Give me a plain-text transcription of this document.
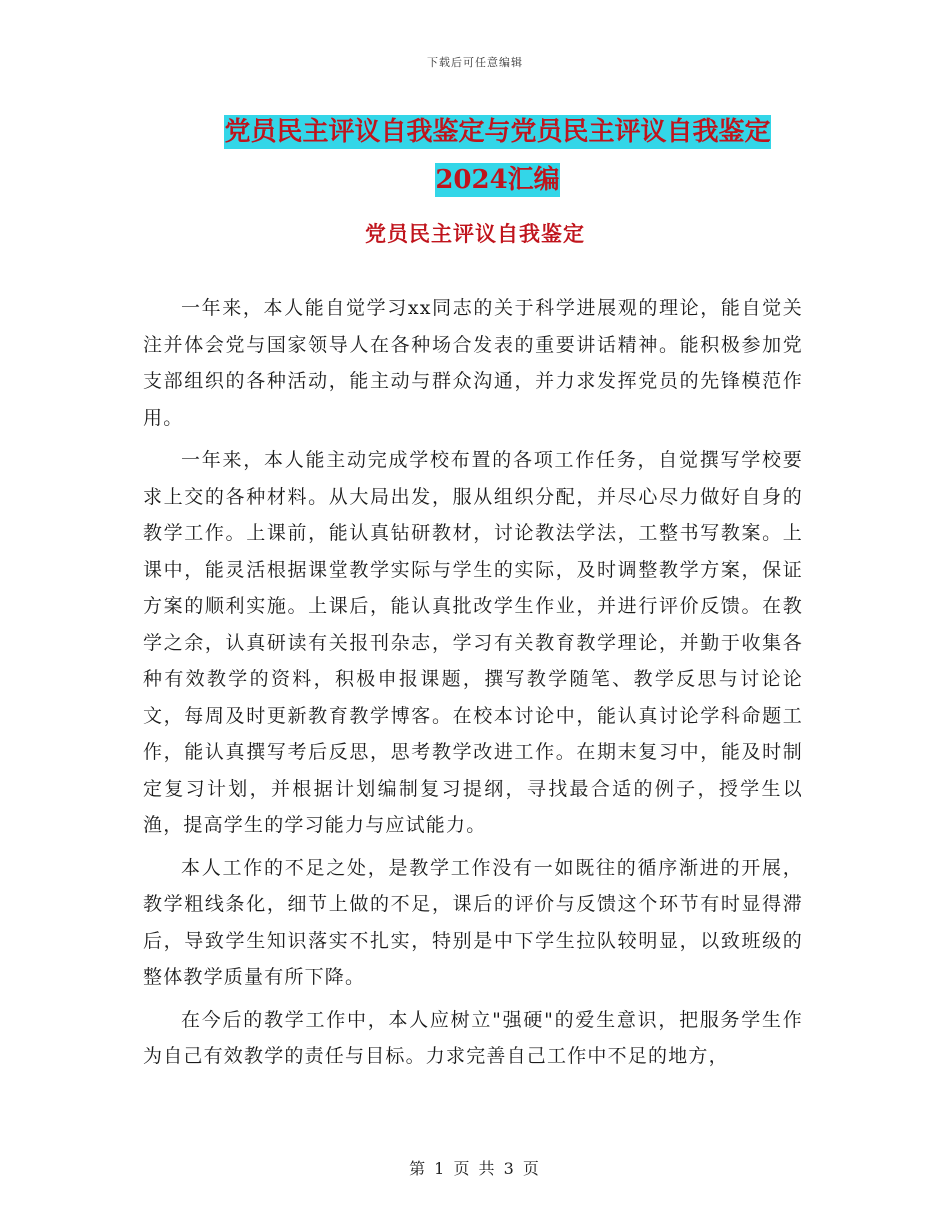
下载后可任意编辑
党员民主评议自我鉴定与党员民主评议自我鉴定2024汇编
党员民主评议自我鉴定

一年来，本人能自觉学习xx同志的关于科学进展观的理论，能自觉关注并体会党与国家领导人在各种场合发表的重要讲话精神。能积极参加党支部组织的各种活动，能主动与群众沟通，并力求发挥党员的先锋模范作用。

一年来，本人能主动完成学校布置的各项工作任务，自觉撰写学校要求上交的各种材料。从大局出发，服从组织分配，并尽心尽力做好自身的教学工作。上课前，能认真钻研教材，讨论教法学法，工整书写教案。上课中，能灵活根据课堂教学实际与学生的实际，及时调整教学方案，保证方案的顺利实施。上课后，能认真批改学生作业，并进行评价反馈。在教学之余，认真研读有关报刊杂志，学习有关教育教学理论，并勤于收集各种有效教学的资料，积极申报课题，撰写教学随笔、教学反思与讨论论文，每周及时更新教育教学博客。在校本讨论中，能认真讨论学科命题工作，能认真撰写考后反思，思考教学改进工作。在期末复习中，能及时制定复习计划，并根据计划编制复习提纲，寻找最合适的例子，授学生以渔，提高学生的学习能力与应试能力。

本人工作的不足之处，是教学工作没有一如既往的循序渐进的开展，教学粗线条化，细节上做的不足，课后的评价与反馈这个环节有时显得滞后，导致学生知识落实不扎实，特别是中下学生拉队较明显，以致班级的整体教学质量有所下降。

在今后的教学工作中，本人应树立"强硬"的爱生意识，把服务学生作为自己有效教学的责任与目标。力求完善自己工作中不足的地方，

第 1 页 共 3 页
